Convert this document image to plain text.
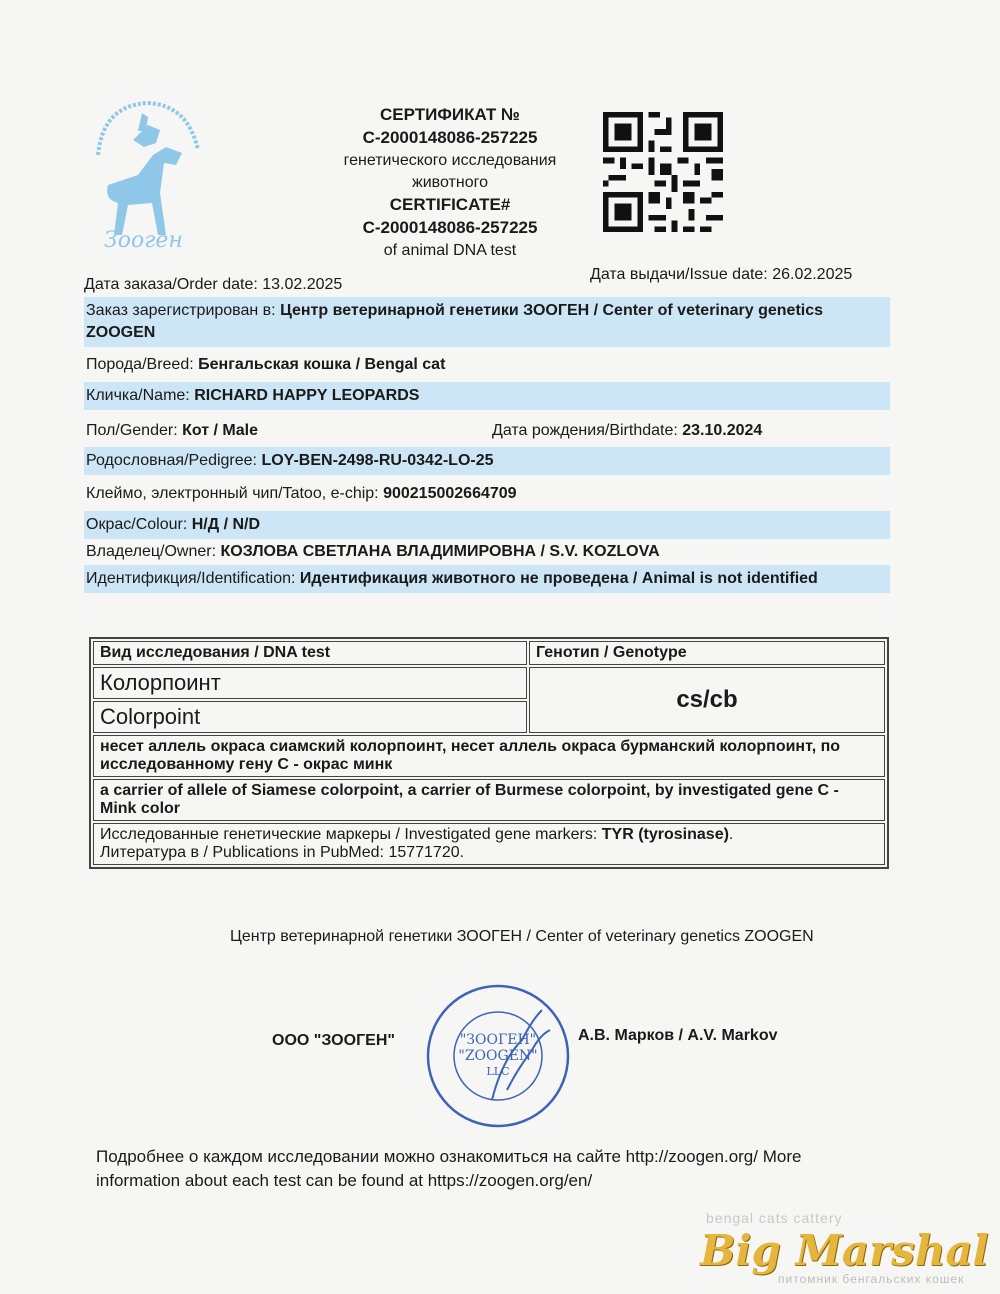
Зooген
СЕРТИФИКАТ №
C-2000148086-257225
генетического исследования
животного
CERTIFICATE#
C-2000148086-257225
of animal DNA test
Дата заказа/Order date: 13.02.2025
Дата выдачи/Issue date: 26.02.2025
Заказ зарегистрирован в: Центр ветеринарной генетики ЗООГЕН / Center of veterinary genetics ZOOGEN
Порода/Breed: Бенгальская кошка / Bengal cat
Кличка/Name: RICHARD HAPPY LEOPARDS
Пол/Gender: Кот / Male	Дата рождения/Birthdate: 23.10.2024
Родословная/Pedigree: LOY-BEN-2498-RU-0342-LO-25
Клеймо, электронный чип/Tatoo, e-chip: 900215002664709
Окрас/Colour: Н/Д / N/D
Владелец/Owner: КОЗЛОВА СВЕТЛАНА ВЛАДИМИРОВНА / S.V. KOZLOVA
Идентификция/Identification: Идентификация животного не проведена / Animal is not identified
Вид исследования / DNA test	Генотип / Genotype
Колорпоинт	cs/cb
Colorpoint	
несет аллель окраса сиамский колорпоинт, несет аллель окраса бурманский колорпоинт, по исследованному гену C - окрас минк	
a carrier of allele of Siamese colorpoint, a carrier of Burmese colorpoint, by investigated gene C - Mink color	

Исследованные генетические маркеры / Investigated gene markers: TYR (tyrosinase).
Литература в / Publications in PubMed: 15771720.	
Центр ветеринарной генетики ЗООГЕН / Center of veterinary genetics ZOOGEN
ООО "ЗООГЕН"	А.В. Марков / A.V. Markov
"ЗООГЕН"
"ZOOGEN"
LLC
Подробнее о каждом исследовании можно ознакомиться на сайте http://zoogen.org/ More information about each test can be found at https://zoogen.org/en/
bengal cats cattery
Big Marshal
питомник бенгальских кошек
